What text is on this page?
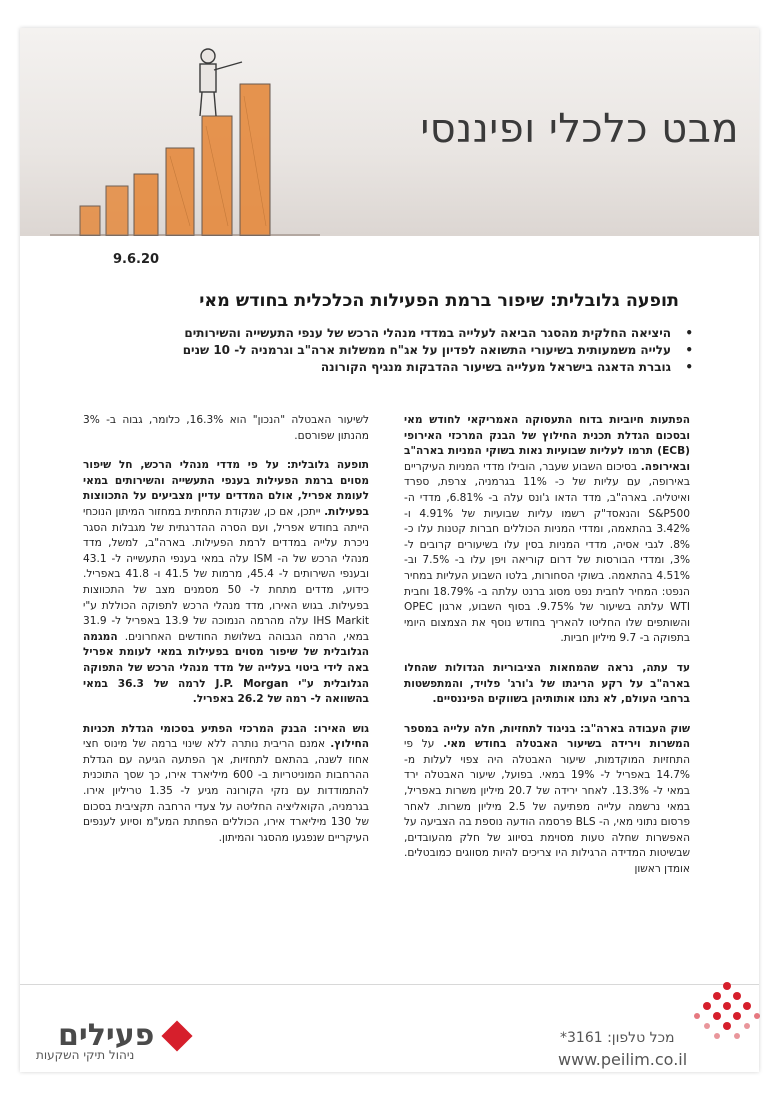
מבט כלכלי ופיננסי
9.6.20
תופעה גלובלית: שיפור ברמת הפעילות הכלכלית בחודש מאי
•
היציאה החלקית מהסגר הביאה לעלייה במדדי מנהלי הרכש של ענפי התעשייה והשירותים
•
עלייה משמעותית בשיעורי התשואה לפדיון על אג"ח ממשלות ארה"ב וגרמניה ל- 10 שנים
•
גוברת הדאגה בישראל מעלייה בשיעור ההדבקות מנגיף הקורונה

הפתעות חיוביות בדוח התעסוקה האמריקאי לחודש מאי ובסכום הגדלת תכנית החילוץ של הבנק המרכזי האירופי (ECB) תרמו לעליות שבועיות נאות בשוקי המניות בארה"ב ובאירופה. בסיכום השבוע שעבר, הובילו מדדי המניות העיקריים באירופה, עם עליות של כ- 11% בגרמניה, צרפת, ספרד ואיטליה. בארה"ב, מדד הדאו ג'ונס עלה ב- 6.81%, מדדי ה- S&P500 והנאסד"ק רשמו עליות שבועיות של 4.91% ו- 3.42% בהתאמה, ומדדי המניות הכוללים חברות קטנות עלו כ- 8%. לגבי אסיה, מדדי המניות בסין עלו בשיעורים קרובים ל- 3%, ומדדי הבורסות של דרום קוריאה ויפן עלו ב- 7.5% וב- 4.51% בהתאמה. בשוקי הסחורות, בלטו השבוע העליות במחיר הנפט: המחיר לחבית נפט מסוג ברנט עלתה ב- 18.79% וחבית WTI עלתה בשיעור של 9.75%. בסוף השבוע, ארגון OPEC והשותפים שלו החליטו להאריך בחודש נוסף את הצמצום היומי בתפוקה ב- 9.7 מיליון חביות.

עד עתה, נראה שהמחאות הציבוריות הגדולות שהחלו בארה"ב על רקע הריגתו של ג'ורג' פלויד, והמתפשטות ברחבי העולם, לא נתנו אותותיהן בשווקים הפיננסיים.

שוק העבודה בארה"ב: בניגוד לתחזיות, חלה עלייה במספר המשרות וירידה בשיעור האבטלה בחודש מאי. על פי התחזיות המוקדמות, שיעור האבטלה היה צפוי לעלות מ- 14.7% באפריל ל- 19% במאי. בפועל, שיעור האבטלה ירד במאי ל- 13.3%. לאחר ירידה של 20.7 מיליון משרות באפריל, במאי נרשמה עלייה מפתיעה של 2.5 מיליון משרות. לאחר פרסום נתוני מאי, ה- BLS פרסמה הודעה נוספת בה הצביעה על האפשרות שחלה טעות מסוימת בסיווג של חלק מהעובדים, שבשיטות המדידה הרגילות היו צריכים להיות מסווגים כמובטלים. אומדן ראשון

לשיעור האבטלה "הנכון" הוא 16.3%, כלומר, גבוה ב- 3% מהנתון שפורסם.

תופעה גלובלית: על פי מדדי מנהלי הרכש, חל שיפור מסוים ברמת הפעילות בענפי התעשייה והשירותים במאי לעומת אפריל, אולם המדדים עדיין מצביעים על התכווצות בפעילות. ייתכן, אם כן, שנקודת התחתית במחזור המיתון הנוכחי הייתה בחודש אפריל, ועם הסרה ההדרגתית של מגבלות הסגר ניכרת עלייה במדדים לרמת הפעילות. בארה"ב, למשל, מדד מנהלי הרכש של ה- ISM עלה במאי בענפי התעשייה ל- 43.1 ובענפי השירותים ל- 45.4, מרמות של 41.5 ו- 41.8 באפריל. כידוע, מדדים מתחת ל- 50 מסמנים מצב של התכווצות בפעילות. בגוש האירו, מדד מנהלי הרכש לתפוקה הכוללת ע"י IHS Markit עלה מהרמה הנמוכה של 13.9 באפריל ל- 31.9 במאי, הרמה הגבוהה בשלושת החודשים האחרונים. המגמה הגלובלית של שיפור מסוים בפעילות במאי לעומת אפריל באה לידי ביטוי בעלייה של מדד מנהלי הרכש של התפוקה הגלובלית ע"י J.P. Morgan לרמה של 36.3 במאי בהשוואה ל- רמה של 26.2 באפריל.

גוש האירו: הבנק המרכזי הפתיע בסכומי הגדלת תכניות החילוץ. אמנם הריבית נותרה ללא שינוי ברמה של מינוס חצי אחוז לשנה, בהתאם לתחזיות, אך הפתעה הגיעה עם הגדלת ההרחבות המוניטריות ב- 600 מיליארד אירו, כך שסך התוכנית להתמודדות עם נזקי הקורונה מגיע ל- 1.35 טריליון אירו. בגרמניה, הקואליציה החליטה על צעדי הרחבה תקציבית בסכום של 130 מיליארד אירו, הכוללים הפחתת המע"מ וסיוע לענפים העיקריים שנפגעו מהסגר והמיתון.

פעילים
ניהול תיקי השקעות
מכל טלפון: ‎*3161
www.peilim.co.il
